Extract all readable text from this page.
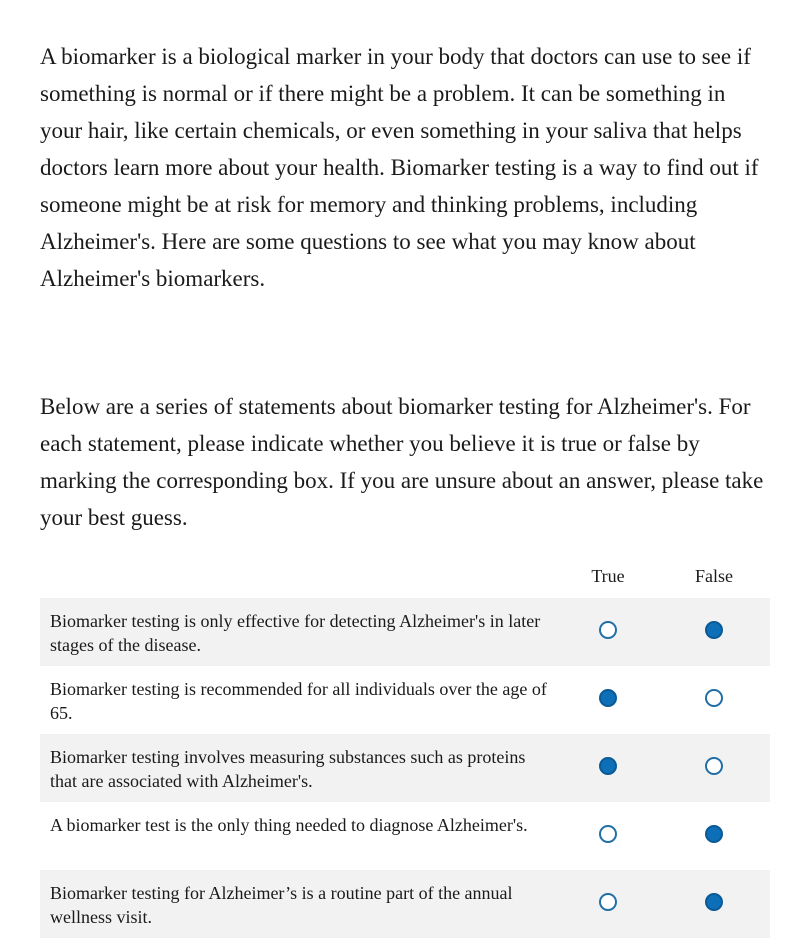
A biomarker is a biological marker in your body that doctors can use to see if something is normal or if there might be a problem. It can be something in your hair, like certain chemicals, or even something in your saliva that helps doctors learn more about your health. Biomarker testing is a way to find out if someone might be at risk for memory and thinking problems, including Alzheimer's. Here are some questions to see what you may know about Alzheimer's biomarkers.

Below are a series of statements about biomarker testing for Alzheimer's. For each statement, please indicate whether you believe it is true or false by marking the corresponding box. If you are unsure about an answer, please take your best guess.

True	False
Biomarker testing is only effective for detecting Alzheimer's in later stages of the disease.
Biomarker testing is recommended for all individuals over the age of 65.
Biomarker testing involves measuring substances such as proteins that are associated with Alzheimer's.
A biomarker test is the only thing needed to diagnose Alzheimer's.
Biomarker testing for Alzheimer’s is a routine part of the annual wellness visit.
